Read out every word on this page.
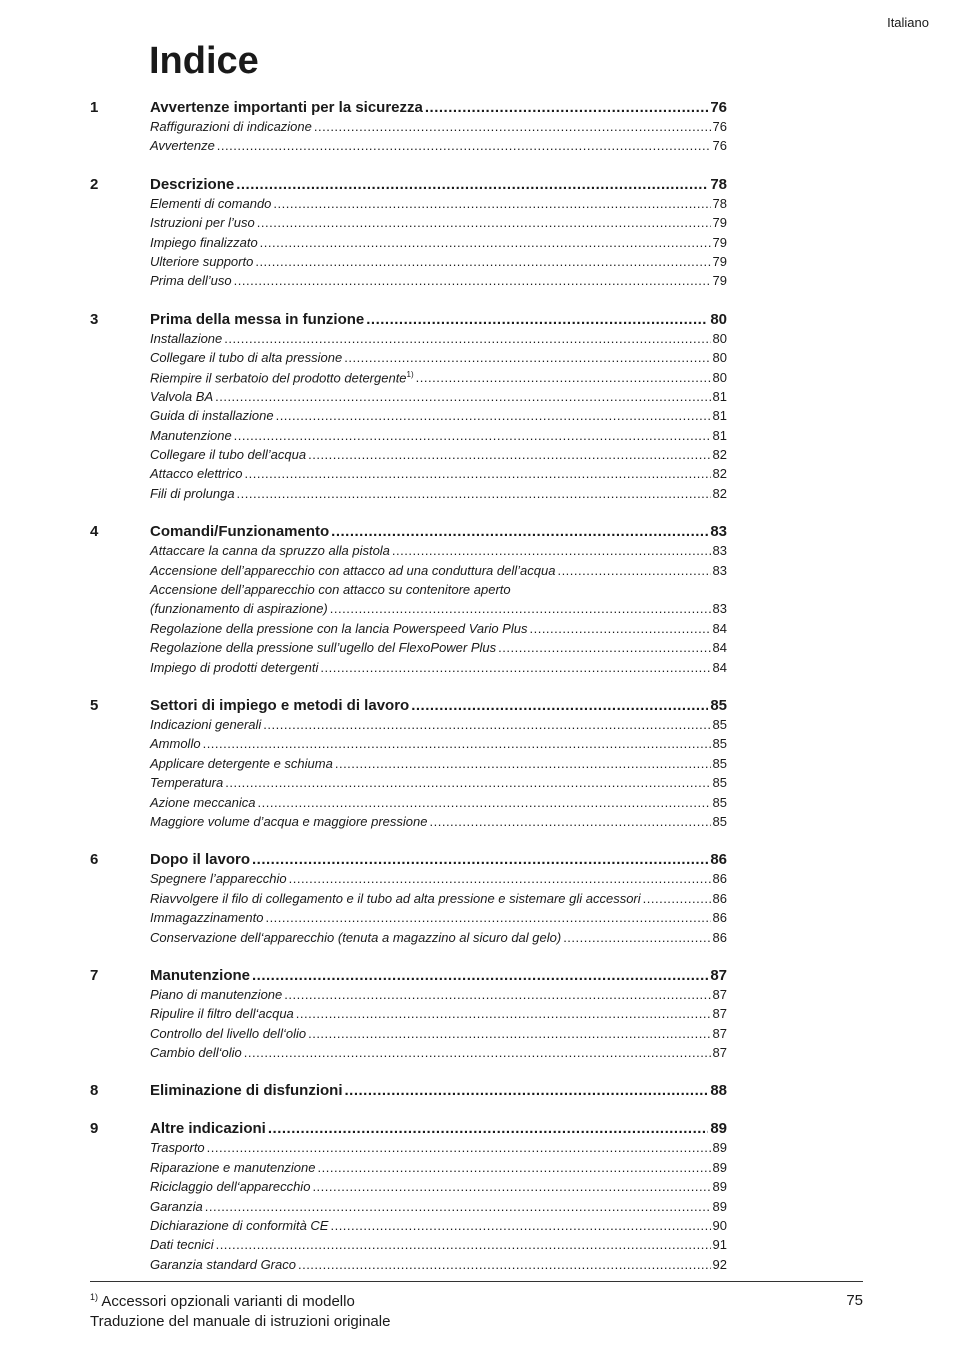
Italiano
Indice
1	Avvertenze importanti per la sicurezza .....	76
Raffigurazioni di indicazione .....	76
Avvertenze .....	76
2	Descrizione .....	78
Elementi di comando .....	78
Istruzioni per l’uso .....	79
Impiego finalizzato .....	79
Ulteriore supporto .....	79
Prima dell’uso .....	79
3	Prima della messa in funzione .....	80
Installazione .....	80
Collegare il tubo di alta pressione .....	80
Riempire il serbatoio del prodotto detergente$^{1)}$ .....	80
Valvola BA .....	81
Guida di installazione .....	81
Manutenzione .....	81
Collegare il tubo dell’acqua .....	82
Attacco elettrico .....	82
Fili di prolunga .....	82
4	Comandi/Funzionamento .....	83
Attaccare la canna da spruzzo alla pistola .....	83
Accensione dell’apparecchio con attacco ad una conduttura dell’acqua .....	83
Accensione dell’apparecchio con attacco su contenitore aperto
(funzionamento di aspirazione) .....	83
Regolazione della pressione con la lancia Powerspeed Vario Plus .....	84
Regolazione della pressione sull’ugello del FlexoPower Plus .....	84
Impiego di prodotti detergenti .....	84
5	Settori di impiego e metodi di lavoro .....	85
Indicazioni generali .....	85
Ammollo .....	85
Applicare detergente e schiuma .....	85
Temperatura .....	85
Azione meccanica .....	85
Maggiore volume d’acqua e maggiore pressione .....	85
6	Dopo il lavoro .....	86
Spegnere l’apparecchio .....	86
Riavvolgere il filo di collegamento e il tubo ad alta pressione e sistemare gli accessori .....	86
Immagazzinamento .....	86
Conservazione dell‘apparecchio (tenuta a magazzino al sicuro dal gelo) .....	86
7	Manutenzione .....	87
Piano di manutenzione .....	87
Ripulire il filtro dell‘acqua .....	87
Controllo del livello dell‘olio .....	87
Cambio dell‘olio .....	87
8	Eliminazione di disfunzioni .....	88
9	Altre indicazioni .....	89
Trasporto .....	89
Riparazione e manutenzione .....	89
Riciclaggio dell‘apparecchio .....	89
Garanzia .....	89
Dichiarazione di conformità CE .....	90
Dati tecnici .....	91
Garanzia standard Graco .....	92
$^{1)}$ Accessori opzionali varianti di modello
Traduzione del manuale di istruzioni originale
75
